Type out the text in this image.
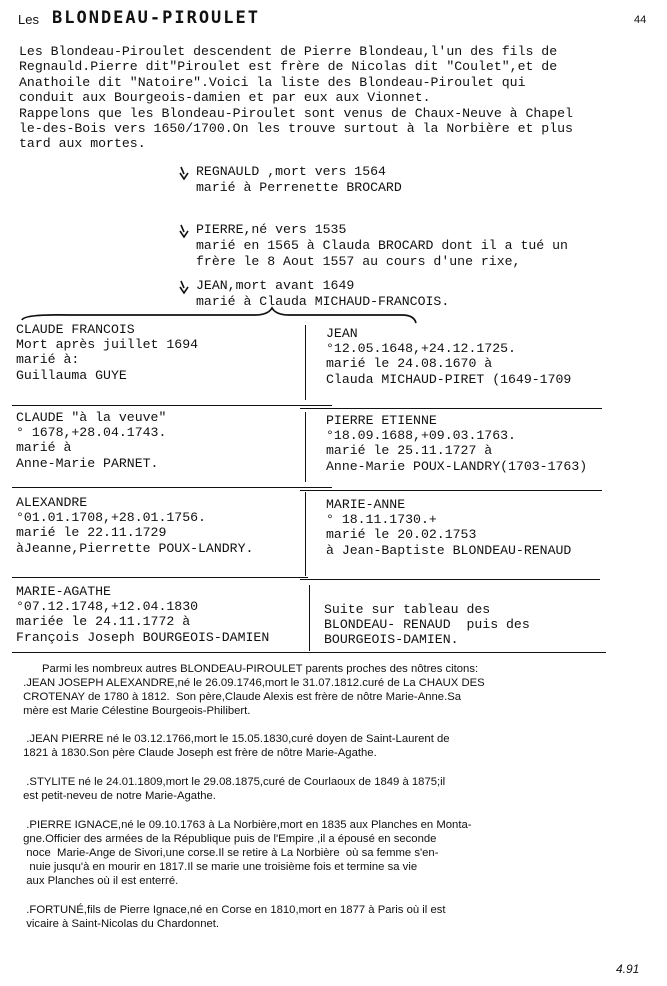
Les BLONDEAU-PIROULET	44
Les Blondeau-Piroulet descendent de Pierre Blondeau,l'un des fils de
Regnauld.Pierre dit"Piroulet est frère de Nicolas dit "Coulet",et de
Anathoile dit "Natoire".Voici la liste des Blondeau-Piroulet qui
conduit aux Bourgeois-damien et par eux aux Vionnet.
Rappelons que les Blondeau-Piroulet sont venus de Chaux-Neuve à Chapel
le-des-Bois vers 1650/1700.On les trouve surtout à la Norbière et plus
tard aux mortes.
REGNAULD ,mort vers 1564
marié à Perrenette BROCARD
PIERRE,né vers 1535
marié en 1565 à Clauda BROCARD dont il a tué un
frère le 8 Aout 1557 au cours d'une rixe,
JEAN,mort avant 1649
marié à Clauda MICHAUD-FRANCOIS.
CLAUDE FRANCOIS
Mort après juillet 1694
marié à:
Guillauma GUYE
JEAN
°12.05.1648,+24.12.1725.
marié le 24.08.1670 à
Clauda MICHAUD-PIRET (1649-1709
CLAUDE "à la veuve"
° 1678,+28.04.1743.
marié à
Anne-Marie PARNET.
PIERRE ETIENNE
°18.09.1688,+09.03.1763.
marié le 25.11.1727 à
Anne-Marie POUX-LANDRY(1703-1763)
ALEXANDRE
°01.01.1708,+28.01.1756.
marié le 22.11.1729
àJeanne,Pierrette POUX-LANDRY.
MARIE-ANNE
° 18.11.1730.+
marié le 20.02.1753
à Jean-Baptiste BLONDEAU-RENAUD
MARIE-AGATHE
°07.12.1748,+12.04.1830
mariée le 24.11.1772 à
François Joseph BOURGEOIS-DAMIEN
Suite sur tableau des
BLONDEAU- RENAUD  puis des
BOURGEOIS-DAMIEN.

Parmi les nombreux autres BLONDEAU-PIROULET parents proches des nôtres citons:
.JEAN JOSEPH ALEXANDRE,né le 26.09.1746,mort le 31.07.1812.curé de La CHAUX DES
CROTENAY de 1780 à 1812.  Son père,Claude Alexis est frère de nôtre Marie-Anne.Sa
mère est Marie Célestine Bourgeois-Philibert.

.JEAN PIERRE né le 03.12.1766,mort le 15.05.1830,curé doyen de Saint-Laurent de
1821 à 1830.Son père Claude Joseph est frère de nôtre Marie-Agathe.

.STYLITE né le 24.01.1809,mort le 29.08.1875,curé de Courlaoux de 1849 à 1875;il
est petit-neveu de notre Marie-Agathe.

.PIERRE IGNACE,né le 09.10.1763 à La Norbière,mort en 1835 aux Planches en Monta-
gne.Officier des armées de la République puis de l'Empire ,il a épousé en seconde
noce  Marie-Ange de Sivori,une corse.Il se retire à La Norbière  où sa femme s'en-
nuie jusqu'à en mourir en 1817.Il se marie une troisième fois et termine sa vie
aux Planches où il est enterré.

.FORTUNÉ,fils de Pierre Ignace,né en Corse en 1810,mort en 1877 à Paris où il est
vicaire à Saint-Nicolas du Chardonnet.

4.91
